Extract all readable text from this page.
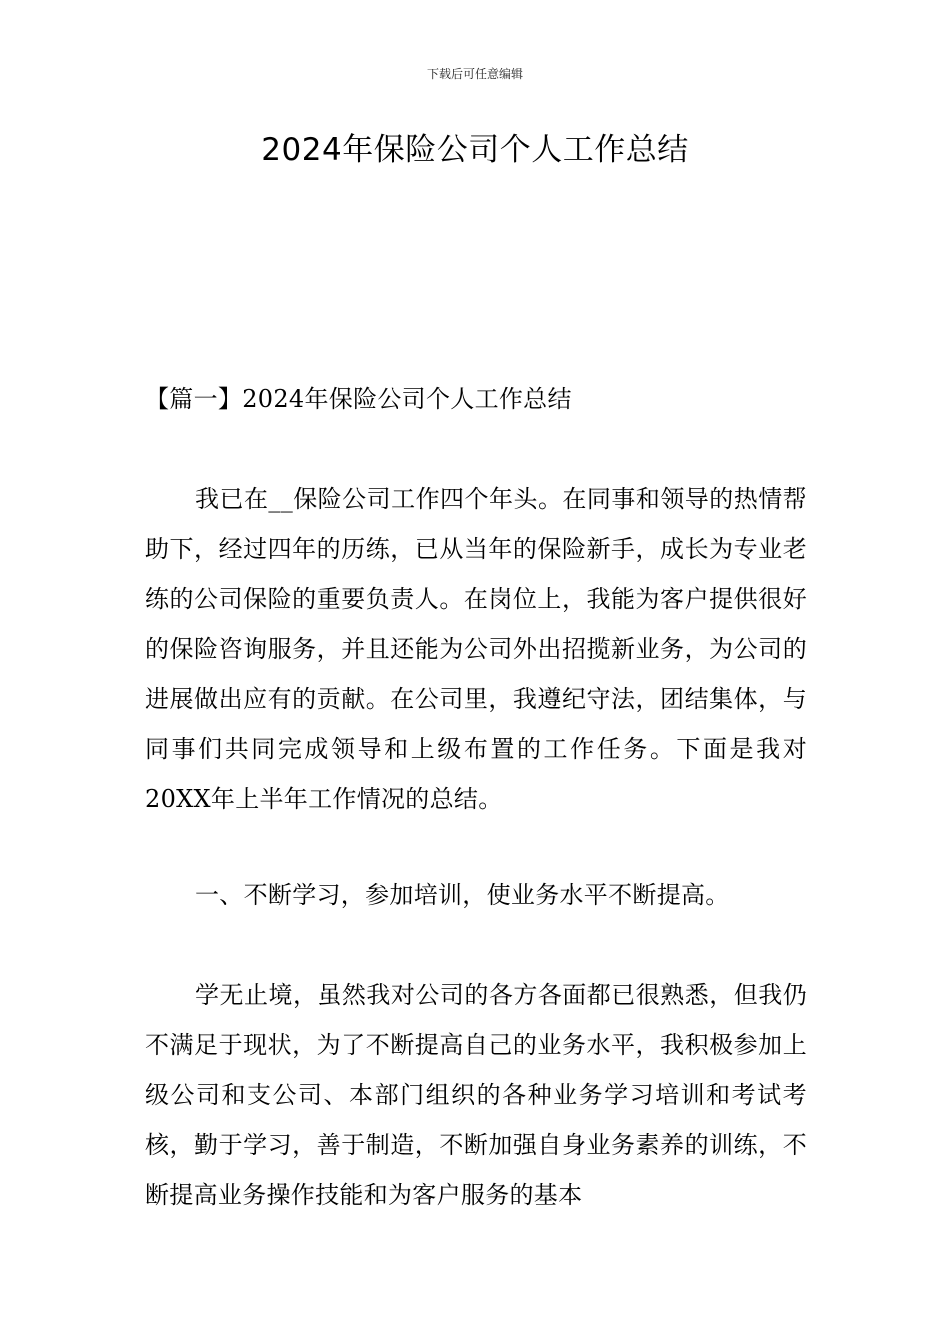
下载后可任意编辑
2024年保险公司个人工作总结
【篇一】2024年保险公司个人工作总结
我已在__保险公司工作四个年头。在同事和领导的热情帮助下，经过四年的历练，已从当年的保险新手，成长为专业老练的公司保险的重要负责人。在岗位上，我能为客户提供很好的保险咨询服务，并且还能为公司外出招揽新业务，为公司的进展做出应有的贡献。在公司里，我遵纪守法，团结集体，与同事们共同完成领导和上级布置的工作任务。下面是我对20XX年上半年工作情况的总结。
一、不断学习，参加培训，使业务水平不断提高。
学无止境，虽然我对公司的各方各面都已很熟悉，但我仍不满足于现状，为了不断提高自己的业务水平，我积极参加上级公司和支公司、本部门组织的各种业务学习培训和考试考核，勤于学习，善于制造，不断加强自身业务素养的训练，不断提高业务操作技能和为客户服务的基本
